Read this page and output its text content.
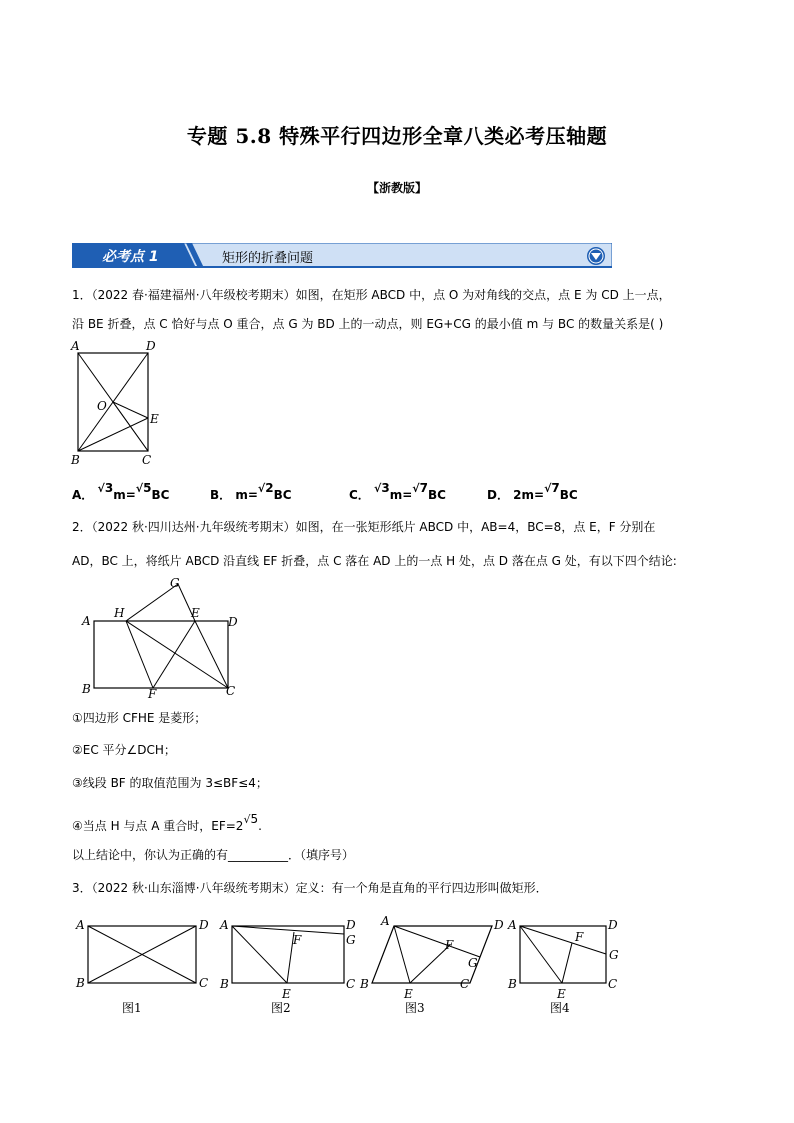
专题 5.8 特殊平行四边形全章八类必考压轴题
【浙教版】
必考点 1	矩形的折叠问题
1．（2022 春·福建福州·八年级校考期末）如图，在矩形 ABCD 中，点 O 为对角线的交点，点 E 为 CD 上一点，
沿 BE 折叠，点 C 恰好与点 O 重合，点 G 为 BD 上的一动点，则 EG+CG 的最小值 m 与 BC 的数量关系是( )
A	D
O
E
B	C
A． √3m=√5BC	B． m=√2BC	C． √3m=√7BC	D． 2m=√7BC
2．（2022 秋·四川达州·九年级统考期末）如图，在一张矩形纸片 ABCD 中，AB=4，BC=8，点 E，F 分别在
AD，BC 上，将纸片 ABCD 沿直线 EF 折叠，点 C 落在 AD 上的一点 H 处，点 D 落在点 G 处，有以下四个结论:
G
H	E
A	D
B	F	C
①四边形 CFHE 是菱形；
②EC 平分∠DCH；
③线段 BF 的取值范围为 3≤BF≤4；
④当点 H 与点 A 重合时，EF=2√5.
以上结论中，你认为正确的有__________．（填序号）
3．（2022 秋·山东淄博·八年级统考期末）定义：有一个角是直角的平行四边形叫做矩形．
A	D
B	C
A	D
F	G
B	C
E
A	D
F
G
B	C
E
A	D
F
G
B	C
E
图1	图2	图3	图4
